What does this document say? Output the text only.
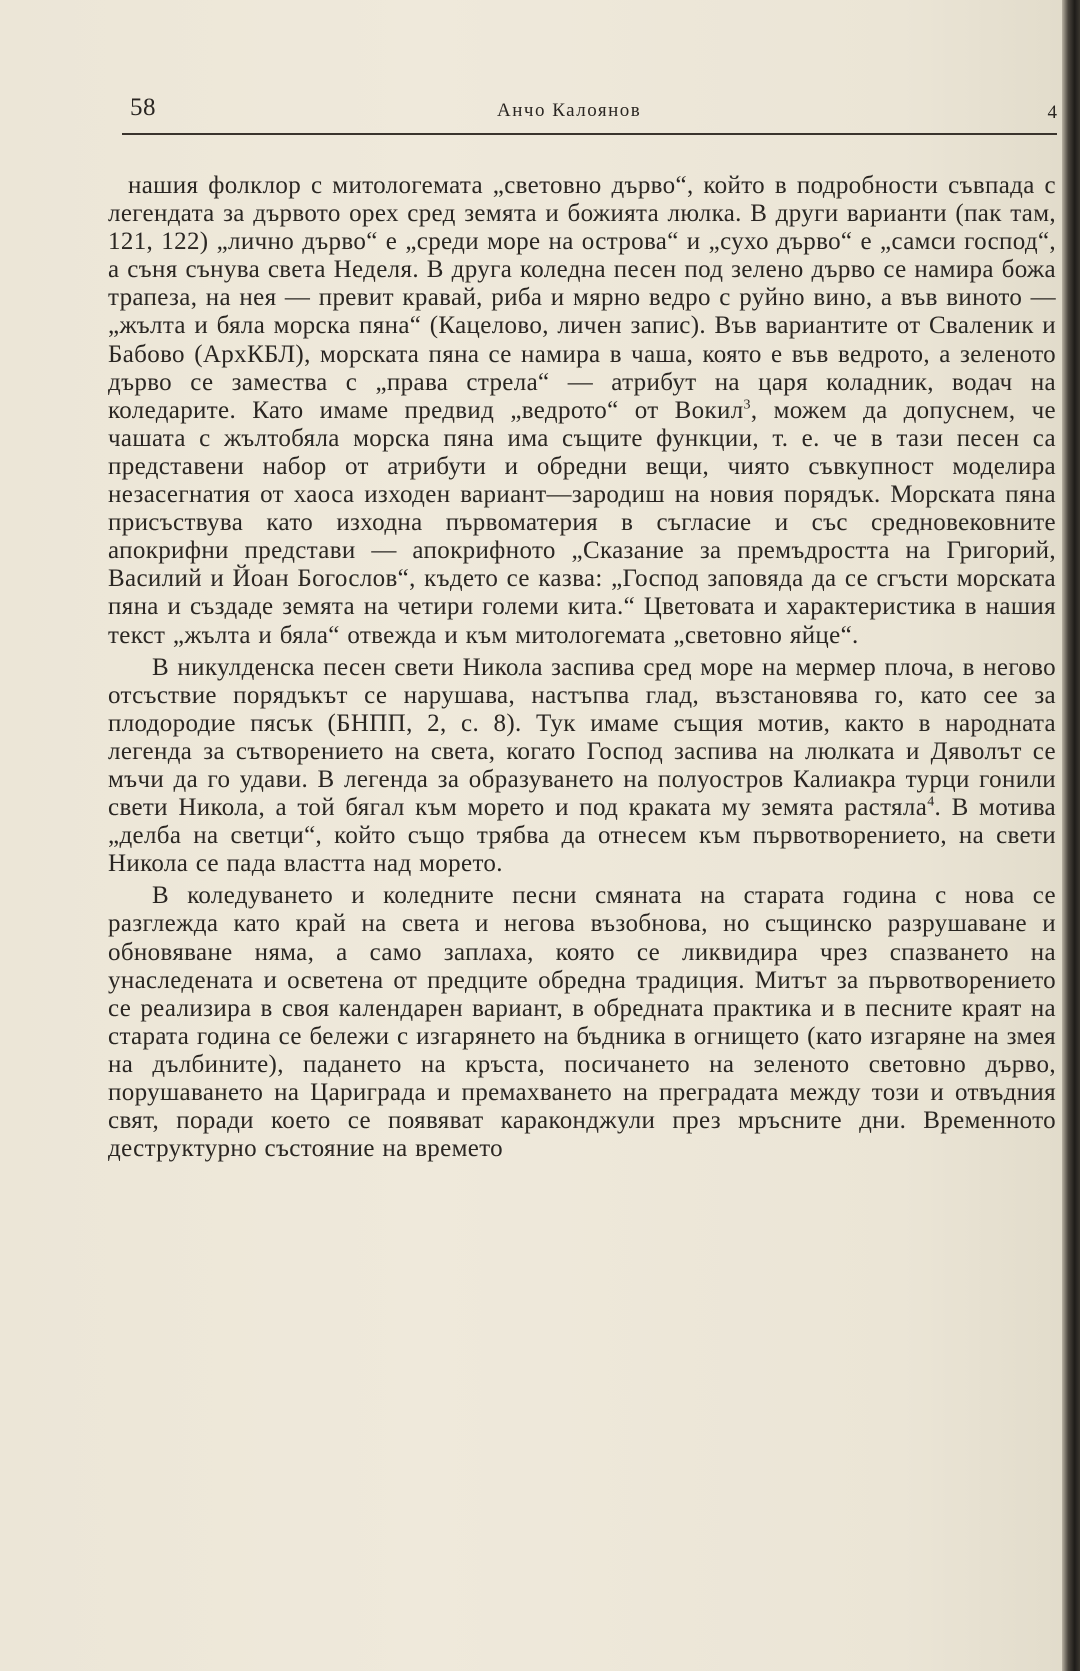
58	Анчо Калоянов	4

нашия фолклор с митологемата „световно дърво“, който в подробности съвпада с легендата за дървото орех сред земята и божията люлка. В други варианти (пак там, 121, 122) „лично дърво“ е „среди море на острова“ и „сухо дърво“ е „самси господ“, а съня сънува света Неделя. В друга коледна песен под зелено дърво се намира божа трапеза, на нея — превит кравай, риба и мярно ведро с руйно вино, а във виното — „жълта и бяла морска пяна“ (Кацелово, личен запис). Във вариантите от Сваленик и Бабово (АрхКБЛ), морската пяна се намира в чаша, която е във ведрото, а зеленото дърво се замества с „права стрела“ — атрибут на царя коладник, водач на коледарите. Като имаме предвид „ведрото“ от Вокил$^3$, можем да допуснем, че чашата с жълтобяла морска пяна има същите функции, т. е. че в тази песен са представени набор от атрибути и обредни вещи, чиято съвкупност моделира незасегнатия от хаоса изходен вариант—зародиш на новия порядък. Морската пяна присъствува като изходна първоматерия в съгласие и със средновековните апокрифни представи — апокрифното „Сказание за премъдростта на Григорий, Василий и Йоан Богослов“, където се казва: „Господ заповяда да се сгъсти морската пяна и създаде земята на четири големи кита.“ Цветовата и характеристика в нашия текст „жълта и бяла“ отвежда и към митологемата „световно яйце“.

В никулденска песен свети Никола заспива сред море на мермер плоча, в негово отсъствие порядъкът се нарушава, настъпва глад, възстановява го, като сее за плодородие пясък (БНПП, 2, с. 8). Тук имаме същия мотив, както в народната легенда за сътворението на света, когато Господ заспива на люлката и Дяволът се мъчи да го удави. В легенда за образуването на полуостров Калиакра турци гонили свети Никола, а той бягал към морето и под краката му земята растяла$^4$. В мотива „делба на светци“, който също трябва да отнесем към първотворението, на свети Никола се пада властта над морето.

В коледуването и коледните песни смяната на старата година с нова се разглежда като край на света и негова възобнова, но същинско разрушаване и обновяване няма, а само заплаха, която се ликвидира чрез спазването на унаследената и осветена от предците обредна традиция. Митът за първотворението се реализира в своя календарен вариант, в обредната практика и в песните краят на старата година се бележи с изгарянето на бъдника в огнището (като изгаряне на змея на дълбините), падането на кръста, посичането на зеленото световно дърво, порушаването на Цариграда и премахването на преградата между този и отвъдния свят, поради което се появяват караконджули през мръсните дни. Временното деструктурно състояние на времето
